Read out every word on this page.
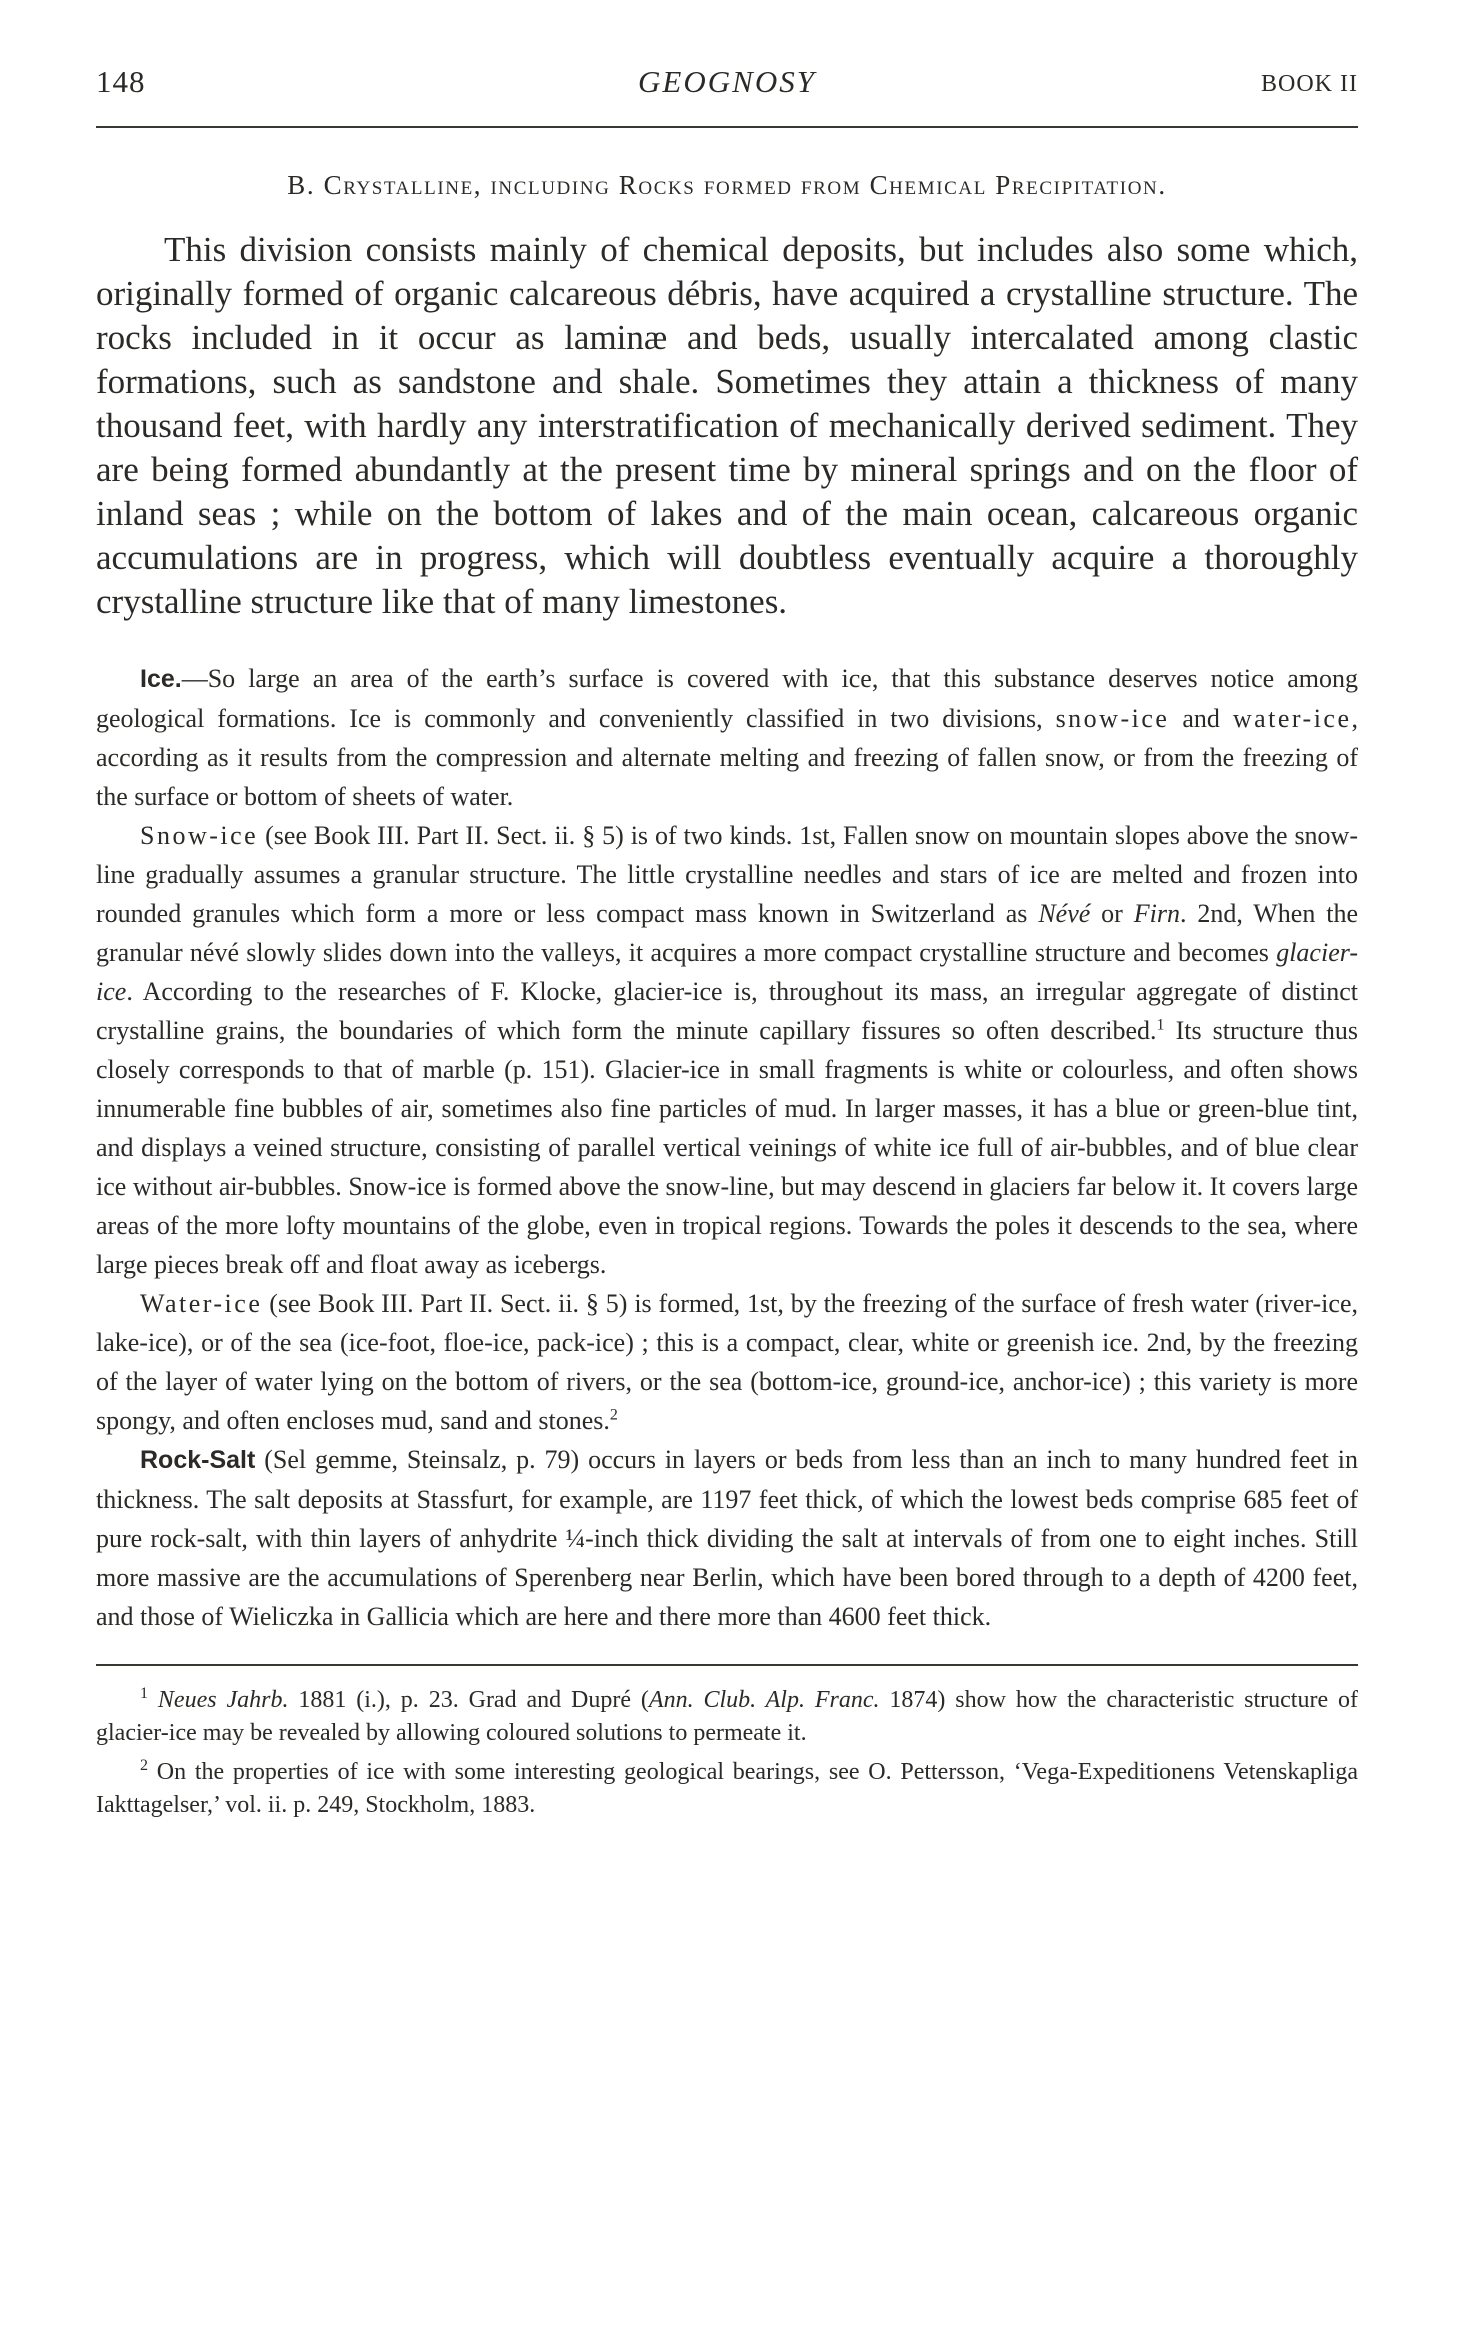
148	GEOGNOSY	BOOK II
B. Crystalline, including Rocks formed from Chemical Precipitation.

This division consists mainly of chemical deposits, but includes also some which, originally formed of organic calcareous débris, have acquired a crystalline structure. The rocks included in it occur as laminæ and beds, usually intercalated among clastic formations, such as sandstone and shale. Sometimes they attain a thickness of many thousand feet, with hardly any interstratification of mechanically derived sediment. They are being formed abundantly at the present time by mineral springs and on the floor of inland seas ; while on the bottom of lakes and of the main ocean, calcareous organic accumulations are in progress, which will doubtless eventually acquire a thoroughly crystalline structure like that of many limestones.

Ice.—So large an area of the earth’s surface is covered with ice, that this substance deserves notice among geological formations. Ice is commonly and conveniently classified in two divisions, snow-ice and water-ice, according as it results from the compression and alternate melting and freezing of fallen snow, or from the freezing of the surface or bottom of sheets of water.

Snow-ice (see Book III. Part II. Sect. ii. § 5) is of two kinds. 1st, Fallen snow on mountain slopes above the snow-line gradually assumes a granular structure. The little crystalline needles and stars of ice are melted and frozen into rounded granules which form a more or less compact mass known in Switzerland as Névé or Firn. 2nd, When the granular névé slowly slides down into the valleys, it acquires a more compact crystalline structure and becomes glacier-ice. According to the researches of F. Klocke, glacier-ice is, throughout its mass, an irregular aggregate of distinct crystalline grains, the boundaries of which form the minute capillary fissures so often described.$^1$ Its structure thus closely corresponds to that of marble (p. 151). Glacier-ice in small fragments is white or colourless, and often shows innumerable fine bubbles of air, sometimes also fine particles of mud. In larger masses, it has a blue or green-blue tint, and displays a veined structure, consisting of parallel vertical veinings of white ice full of air-bubbles, and of blue clear ice without air-bubbles. Snow-ice is formed above the snow-line, but may descend in glaciers far below it. It covers large areas of the more lofty mountains of the globe, even in tropical regions. Towards the poles it descends to the sea, where large pieces break off and float away as icebergs.

Water-ice (see Book III. Part II. Sect. ii. § 5) is formed, 1st, by the freezing of the surface of fresh water (river-ice, lake-ice), or of the sea (ice-foot, floe-ice, pack-ice) ; this is a compact, clear, white or greenish ice. 2nd, by the freezing of the layer of water lying on the bottom of rivers, or the sea (bottom-ice, ground-ice, anchor-ice) ; this variety is more spongy, and often encloses mud, sand and stones.$^2$

Rock-Salt (Sel gemme, Steinsalz, p. 79) occurs in layers or beds from less than an inch to many hundred feet in thickness. The salt deposits at Stassfurt, for example, are 1197 feet thick, of which the lowest beds comprise 685 feet of pure rock-salt, with thin layers of anhydrite ¼-inch thick dividing the salt at intervals of from one to eight inches. Still more massive are the accumulations of Sperenberg near Berlin, which have been bored through to a depth of 4200 feet, and those of Wieliczka in Gallicia which are here and there more than 4600 feet thick.

$^1$ Neues Jahrb. 1881 (i.), p. 23. Grad and Dupré (Ann. Club. Alp. Franc. 1874) show how the characteristic structure of glacier-ice may be revealed by allowing coloured solutions to permeate it.

$^2$ On the properties of ice with some interesting geological bearings, see O. Pettersson, ‘Vega-Expeditionens Vetenskapliga Iakttagelser,’ vol. ii. p. 249, Stockholm, 1883.
